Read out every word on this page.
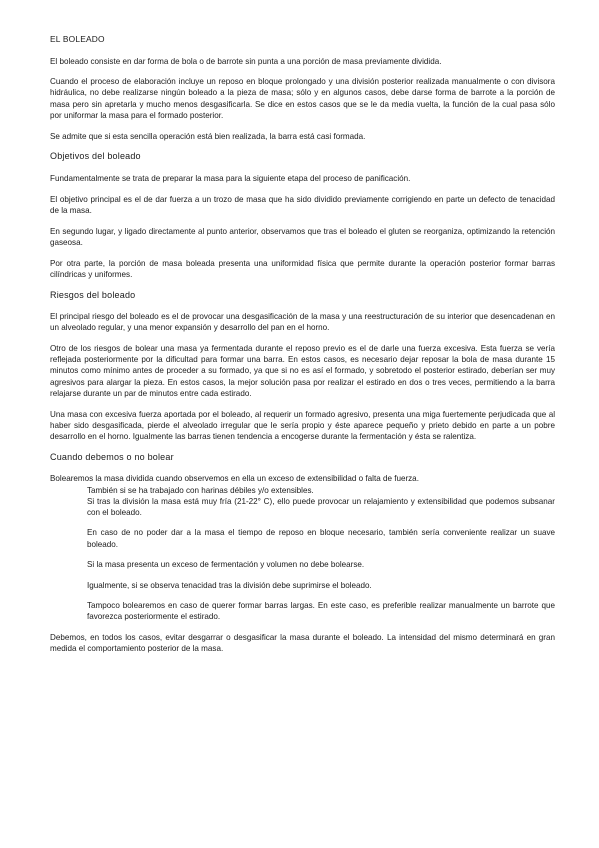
EL BOLEADO

El boleado consiste en dar forma de bola o de barrote sin punta a una porción de masa previamente dividida.

Cuando el proceso de elaboración incluye un reposo en bloque prolongado y una división posterior realizada manualmente o con divisora hidráulica, no debe realizarse ningún boleado a la pieza de masa; sólo y en algunos casos, debe darse forma de barrote a la porción de masa pero sin apretarla y mucho menos desgasificarla. Se dice en estos casos que se le da media vuelta, la función de la cual pasa sólo por uniformar la masa para el formado posterior.

Se admite que si esta sencilla operación está bien realizada, la barra está casi formada.

Objetivos del boleado

Fundamentalmente se trata de preparar la masa para la siguiente etapa del proceso de panificación.

El objetivo principal es el de dar fuerza a un trozo de masa que ha sido dividido previamente corrigiendo en parte un defecto de tenacidad de la masa.

En segundo lugar, y ligado directamente al punto anterior, observamos que tras el boleado el gluten se reorganiza, optimizando la retención gaseosa.

Por otra parte, la porción de masa boleada presenta una uniformidad física que permite durante la operación posterior formar barras cilíndricas y uniformes.

Riesgos del boleado

El principal riesgo del boleado es el de provocar una desgasificación de la masa y una reestructuración de su interior que desencadenan en un alveolado regular, y una menor expansión y desarrollo del pan en el horno.

Otro de los riesgos de bolear una masa ya fermentada durante el reposo previo es el de darle una fuerza excesiva. Esta fuerza se vería reflejada posteriormente por la dificultad para formar una barra. En estos casos, es necesario dejar reposar la bola de masa durante 15 minutos como mínimo antes de proceder a su formado, ya que si no es así el formado, y sobretodo el posterior estirado, deberían ser muy agresivos para alargar la pieza. En estos casos, la mejor solución pasa por realizar el estirado en dos o tres veces, permitiendo a la barra relajarse durante un par de minutos entre cada estirado.

Una masa con excesiva fuerza aportada por el boleado, al requerir un formado agresivo, presenta una miga fuertemente perjudicada que al haber sido desgasificada, pierde el alveolado irregular que le sería propio y éste aparece pequeño y prieto debido en parte a un pobre desarrollo en el horno. Igualmente las barras tienen tendencia a encogerse durante la fermentación y ésta se ralentiza.

Cuando debemos o no bolear

Bolearemos la masa dividida cuando observemos en ella un exceso de extensibilidad o falta de fuerza.

También si se ha trabajado con harinas débiles y/o extensibles.
Si tras la división la masa está muy fría (21-22° C), ello puede provocar un relajamiento y extensibilidad que podemos subsanar con el boleado.
En caso de no poder dar a la masa el tiempo de reposo en bloque necesario, también sería conveniente realizar un suave boleado.
Si la masa presenta un exceso de fermentación y volumen no debe bolearse.
Igualmente, si se observa tenacidad tras la división debe suprimirse el boleado.
Tampoco bolearemos en caso de querer formar barras largas. En este caso, es preferible realizar manualmente un barrote que favorezca posteriormente el estirado.

Debemos, en todos los casos, evitar desgarrar o desgasificar la masa durante el boleado. La intensidad del mismo determinará en gran medida el comportamiento posterior de la masa.
